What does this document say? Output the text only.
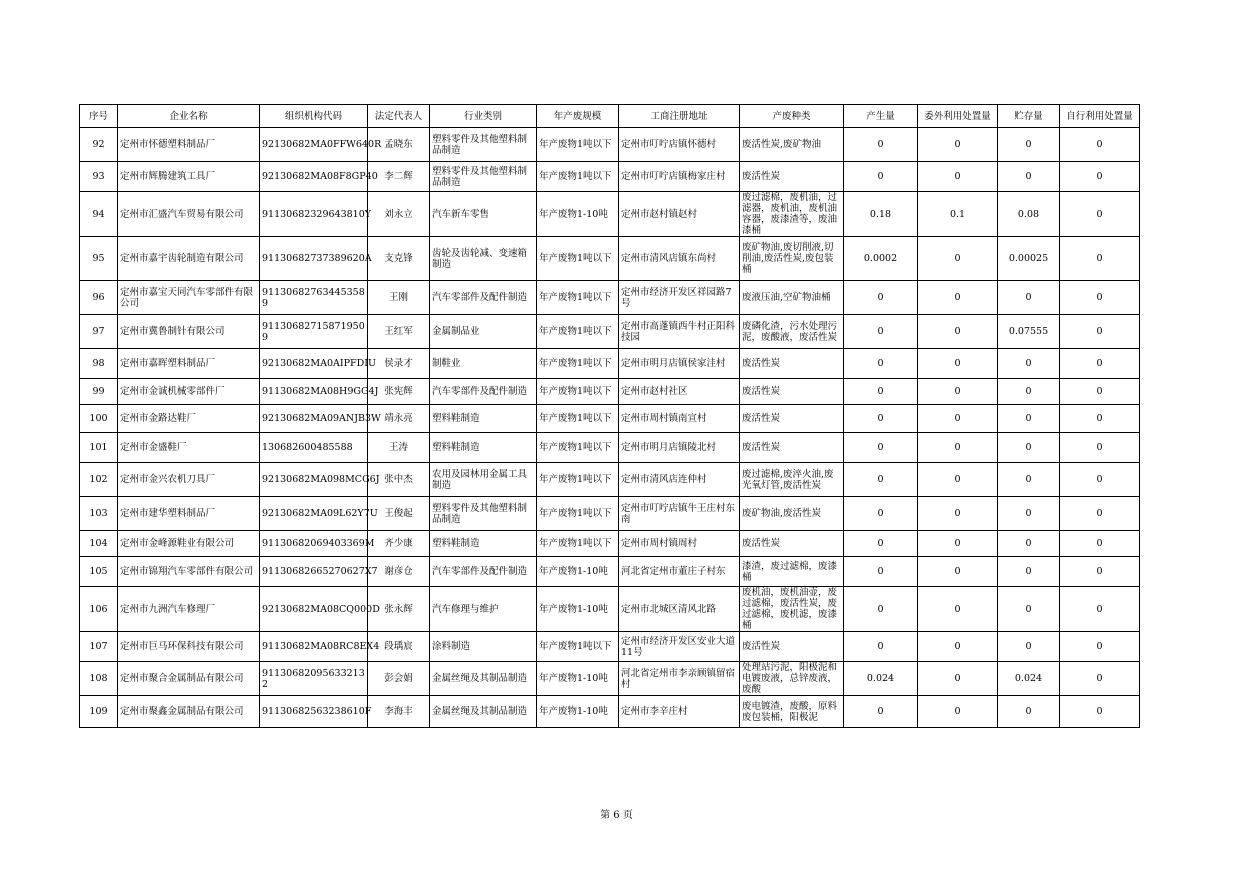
序号	企业名称	组织机构代码	法定代表人	行业类别	年产废规模	工商注册地址	产废种类	产生量	委外利用处置量	贮存量	自行利用处置量
92	定州市怀德塑料制品厂	92130682MA0FFW640R	孟晓东	塑料零件及其他塑料制品制造	年产废物1吨以下	定州市叮咛店镇怀德村	废活性炭,废矿物油	0	0	0	0
93	定州市辉腾建筑工具厂	92130682MA08F8GP40	李二辉	塑料零件及其他塑料制品制造	年产废物1吨以下	定州市叮咛店镇梅家庄村	废活性炭	0	0	0	0
94	定州市汇盛汽车贸易有限公司	91130682329643810Y	刘永立	汽车新车零售	年产废物1-10吨	定州市赵村镇赵村	废过滤棉，废机油，过滤器，废机油，废机油容器，废漆渣等，废油漆桶	0.18	0.1	0.08	0
95	定州市嘉宇齿轮制造有限公司	91130682737389620A	支克锋	齿轮及齿轮减、变速箱制造	年产废物1吨以下	定州市清风店镇东尚村	废矿物油,废切削液,切削油,废活性炭,废包装桶	0.0002	0	0.00025	0
96	定州市嘉宝天同汽车零部件有限公司	91130682763445358 9	王刚	汽车零部件及配件制造	年产废物1吨以下	定州市经济开发区祥园路7号	废液压油,空矿物油桶	0	0	0	0
97	定州市冀鲁制针有限公司	91130682715871950 9	王红军	金属制品业	年产废物1吨以下	定州市高蓬镇西牛村正阳科技园	废磷化渣，污水处理污泥，废酸液，废活性炭	0	0	0.07555	0
98	定州市嘉晖塑料制品厂	92130682MA0AIPFDIU	侯录才	制鞋业	年产废物1吨以下	定州市明月店镇侯家洼村	废活性炭	0	0	0	0
99	定州市金诚机械零部件厂	91130682MA08H9GG4J	张宪辉	汽车零部件及配件制造	年产废物1吨以下	定州市赵村社区	废活性炭	0	0	0	0
100	定州市金路达鞋厂	92130682MA09ANJB3W	靖永亮	塑料鞋制造	年产废物1吨以下	定州市周村镇南宣村	废活性炭	0	0	0	0
101	定州市金盛鞋厂	130682600485588	王涛	塑料鞋制造	年产废物1吨以下	定州市明月店镇陵北村	废活性炭	0	0	0	0
102	定州市金兴农机刀具厂	92130682MA098MCG6J	张中杰	农用及园林用金属工具制造	年产废物1吨以下	定州市清风店连仲村	废过滤棉,废淬火油,废光氧灯管,废活性炭	0	0	0	0
103	定州市建华塑料制品厂	92130682MA09L62Y7U	王俊起	塑料零件及其他塑料制品制造	年产废物1吨以下	定州市叮咛店镇牛王庄村东南	废矿物油,废活性炭	0	0	0	0
104	定州市金峰源鞋业有限公司	91130682069403369M	齐少康	塑料鞋制造	年产废物1吨以下	定州市周村镇周村	废活性炭	0	0	0	0
105	定州市锦翔汽车零部件有限公司	91130682665270627X7	谢彦仓	汽车零部件及配件制造	年产废物1-10吨	河北省定州市董庄子村东	漆渣，废过滤棉，废漆桶	0	0	0	0
106	定州市九洲汽车修理厂	92130682MA08CQ000D	张永辉	汽车修理与维护	年产废物1-10吨	定州市北城区清风北路	废机油，废机油壶，废过滤棉，废活性炭，废过滤棉，废机滤，废漆桶	0	0	0	0
107	定州市巨马环保科技有限公司	91130682MA08RC8EX4	段瑀宸	涂料制造	年产废物1吨以下	定州市经济开发区安业大道11号	废活性炭	0	0	0	0
108	定州市聚合金属制品有限公司	91130682095633213 2	彭会娟	金属丝绳及其制品制造	年产废物1-10吨	河北省定州市李亲顾镇留宿村	处理站污泥，阳极泥和电镀废液，总锌废液，废酸	0.024	0	0.024	0
109	定州市聚鑫金属制品有限公司	91130682563238610F	李海丰	金属丝绳及其制品制造	年产废物1-10吨	定州市李辛庄村	废电镀渣，废酸，原料废包装桶，阳极泥	0	0	0	0
第 6 页
